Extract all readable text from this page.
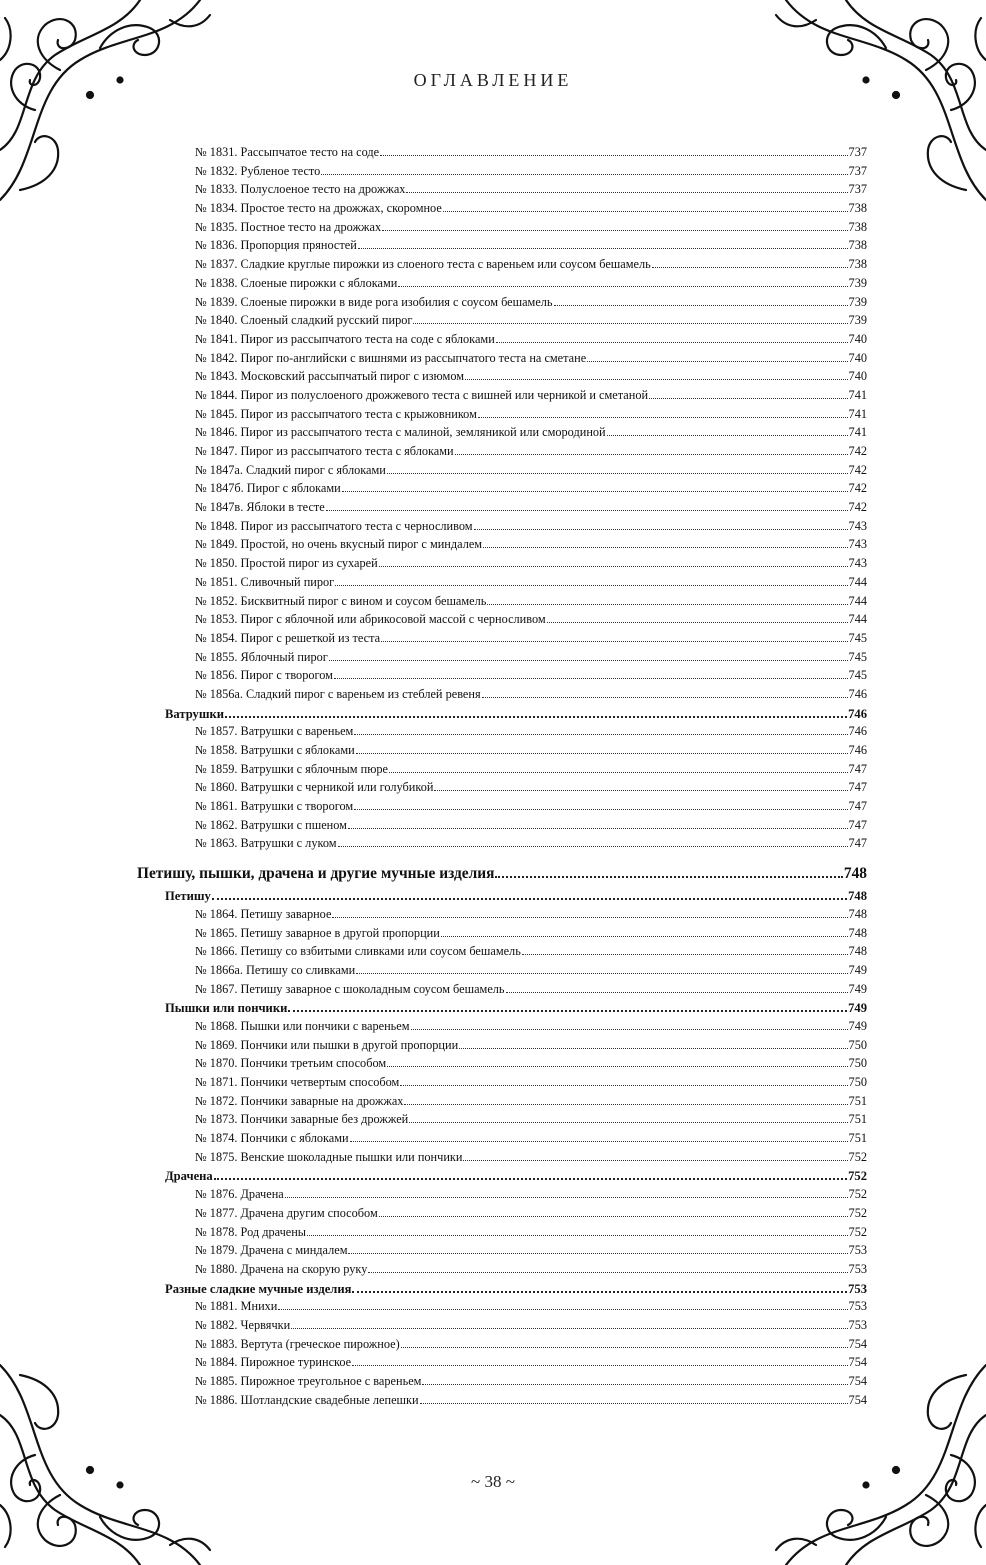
ОГЛАВЛЕНИЕ
№ 1831. Рассыпчатое тесто на соде	737
№ 1832. Рубленое тесто	737
№ 1833. Полуслоеное тесто на дрожжах	737
№ 1834. Простое тесто на дрожжах, скоромное	738
№ 1835. Постное тесто на дрожжах	738
№ 1836. Пропорция пряностей	738
№ 1837. Сладкие круглые пирожки из слоеного теста с вареньем или соусом бешамель	738
№ 1838. Слоеные пирожки с яблоками	739
№ 1839. Слоеные пирожки в виде рога изобилия с соусом бешамель	739
№ 1840. Слоеный сладкий русский пирог	739
№ 1841. Пирог из рассыпчатого теста на соде с яблоками	740
№ 1842. Пирог по-английски с вишнями из рассыпчатого теста на сметане	740
№ 1843. Московский рассыпчатый пирог с изюмом	740
№ 1844. Пирог из полуслоеного дрожжевого теста с вишней или черникой и сметаной	741
№ 1845. Пирог из рассыпчатого теста с крыжовником	741
№ 1846. Пирог из рассыпчатого теста с малиной, земляникой или смородиной	741
№ 1847. Пирог из рассыпчатого теста с яблоками	742
№ 1847а. Сладкий пирог с яблоками	742
№ 1847б. Пирог с яблоками	742
№ 1847в. Яблоки в тесте	742
№ 1848. Пирог из рассыпчатого теста с черносливом	743
№ 1849. Простой, но очень вкусный пирог с миндалем	743
№ 1850. Простой пирог из сухарей	743
№ 1851. Сливочный пирог	744
№ 1852. Бисквитный пирог с вином и соусом бешамель	744
№ 1853. Пирог с яблочной или абрикосовой массой с черносливом	744
№ 1854. Пирог с решеткой из теста	745
№ 1855. Яблочный пирог	745
№ 1856. Пирог с творогом	745
№ 1856а. Сладкий пирог с вареньем из стеблей ревеня	746
Ватрушки	746
№ 1857. Ватрушки с вареньем	746
№ 1858. Ватрушки с яблоками	746
№ 1859. Ватрушки с яблочным пюре	747
№ 1860. Ватрушки с черникой или голубикой	747
№ 1861. Ватрушки с творогом	747
№ 1862. Ватрушки с пшеном	747
№ 1863. Ватрушки с луком	747
Петишу, пышки, драчена и другие мучные изделия	748
Петишу	748
№ 1864. Петишу заварное	748
№ 1865. Петишу заварное в другой пропорции	748
№ 1866. Петишу со взбитыми сливками или соусом бешамель	748
№ 1866а. Петишу со сливками	749
№ 1867. Петишу заварное с шоколадным соусом бешамель	749
Пышки или пончики	749
№ 1868. Пышки или пончики с вареньем	749
№ 1869. Пончики или пышки в другой пропорции	750
№ 1870. Пончики третьим способом	750
№ 1871. Пончики четвертым способом	750
№ 1872. Пончики заварные на дрожжах	751
№ 1873. Пончики заварные без дрожжей	751
№ 1874. Пончики с яблоками	751
№ 1875. Венские шоколадные пышки или пончики	752
Драчена	752
№ 1876. Драчена	752
№ 1877. Драчена другим способом	752
№ 1878. Род драчены	752
№ 1879. Драчена с миндалем	753
№ 1880. Драчена на скорую руку	753
Разные сладкие мучные изделия	753
№ 1881. Мнихи	753
№ 1882. Червячки	753
№ 1883. Вертута (греческое пирожное)	754
№ 1884. Пирожное туринское	754
№ 1885. Пирожное треугольное с вареньем	754
№ 1886. Шотландские свадебные лепешки	754
~ 38 ~
